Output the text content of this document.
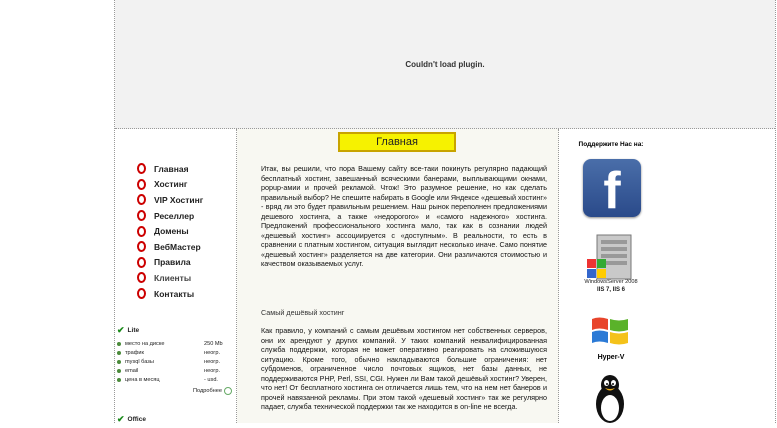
Couldn't load plugin.
Главная
Хостинг
VIP Хостинг
Реселлер
Домены
ВебМастер
Правила
Клиенты
Контакты
✔ Lite
место на диске	250 Mb
трафик	неогр.
mysql базы	неогр.
email	неогр.
цена в месяц	- usd.
Подробнее
✔ Office
Главная
Итак, вы решили, что пора Вашему сайту все-таки покинуть регулярно падающий бесплатный хостинг, завешанный всяческими банерами, выплывающими окнами, popup-амии и прочей рекламой. Чтож! Это разумное решение, но как сделать правильный выбор? Не спешите набирать в Google или Яндексе «дешевый хостинг» - вряд ли это будет правильным решением. Наш рынок переполнен предложениями дешевого хостинга, а также «недорогого» и «самого надежного» хостинга. Предложений профессионального хостинга мало, так как в сознании людей «дешевый хостинг» ассоциируется с «доступным». В реальности, то есть в сравнении с платным хостингом, ситуация выглядит несколько иначе. Само понятие «дешевый хостинг» разделяется на две категории. Они различаются стоимостью и качеством оказываемых услуг.
Самый дешёвый хостинг
Как правило, у компаний с самым дешёвым хостингом нет собственных серверов, они их арендуют у других компаний. У таких компаний неквалифицированная служба поддержки, которая не может оперативно реагировать на сложившуюся ситуацию. Кроме того, обычно накладываются большие ограничения: нет субдоменов, ограниченное число почтовых ящиков, нет базы данных, не поддерживаются PHP, Perl, SSI, CGI. Нужен ли Вам такой дешёвый хостинг? Уверен, что нет! От бесплатного хостинга он отличается лишь тем, что на нем нет банеров и прочей навязанной рекламы. При этом такой «дешевый хостинг» так же регулярно падает, служба технической поддержки так же находится в on-line не всегда.
Поддержите Нас на:
f
WindowsServer 2008
IIS 7, IIS 6
Hyper-V
